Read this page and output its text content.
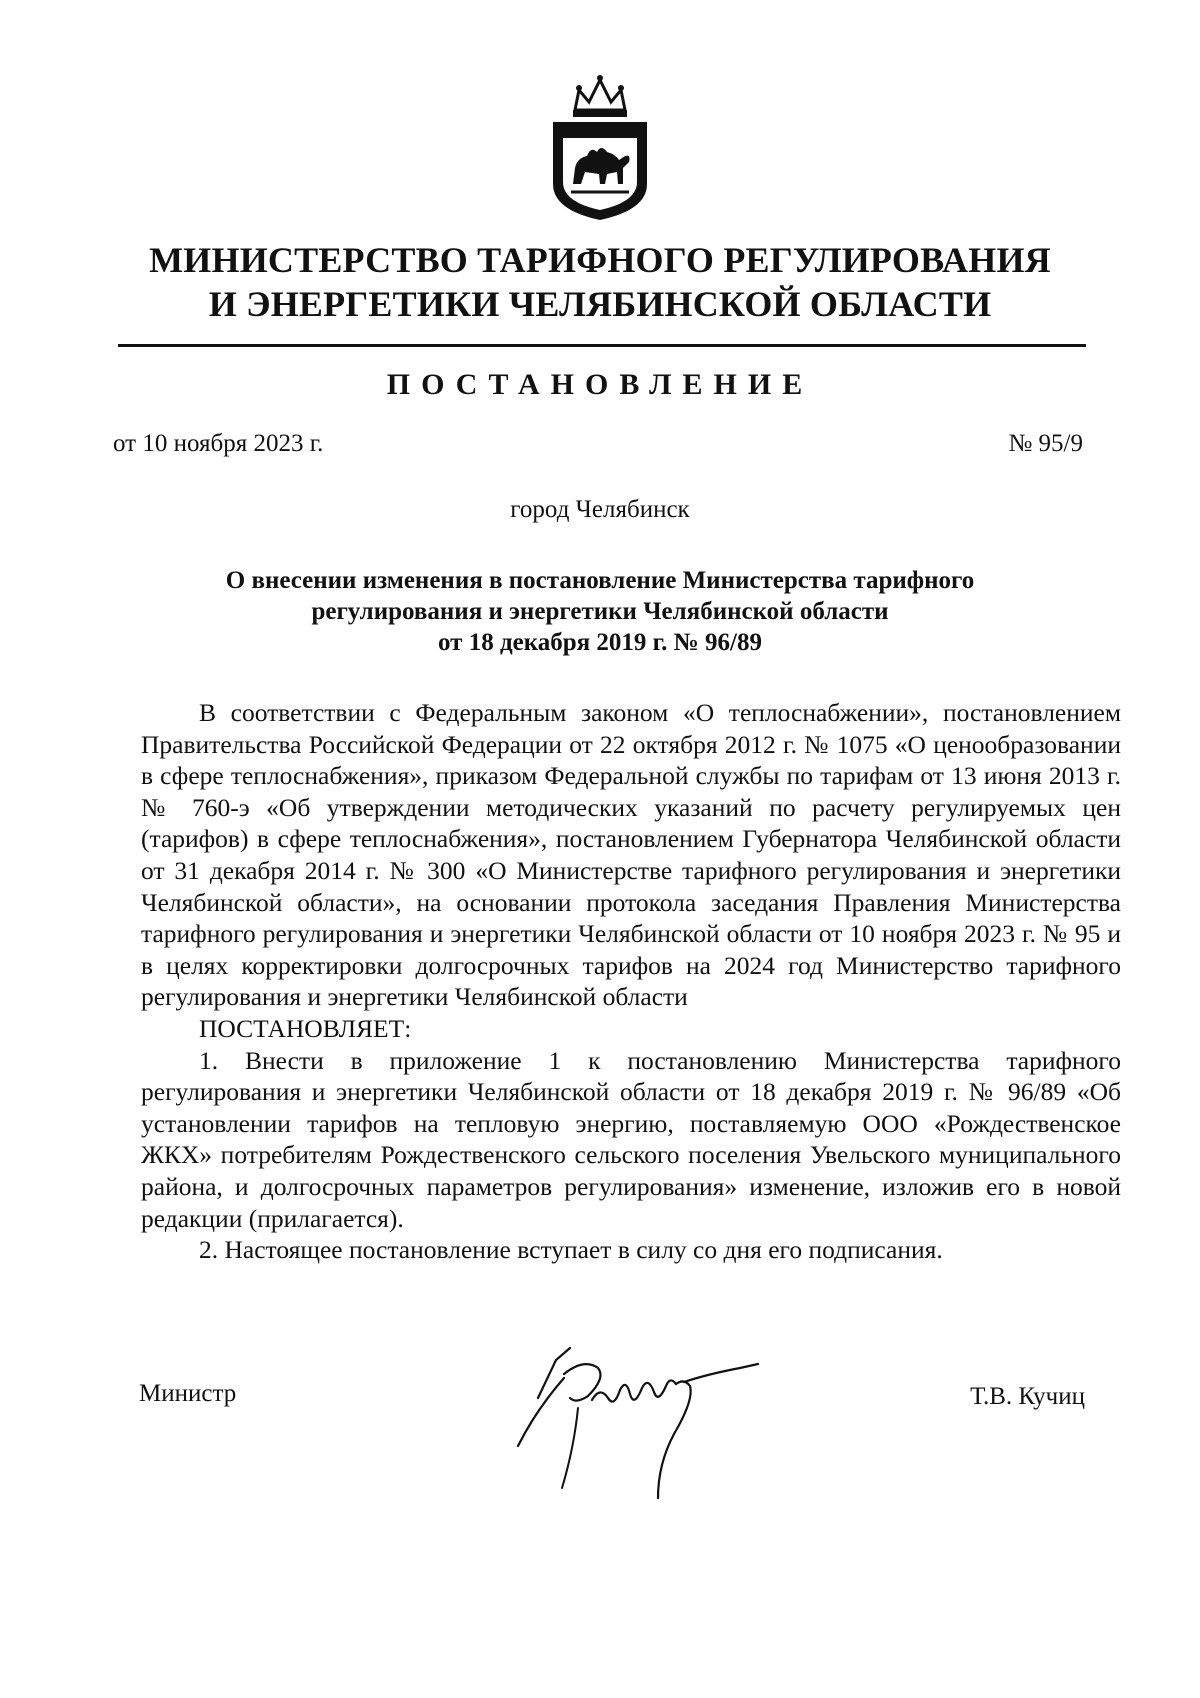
МИНИСТЕРСТВО ТАРИФНОГО РЕГУЛИРОВАНИЯ
И ЭНЕРГЕТИКИ ЧЕЛЯБИНСКОЙ ОБЛАСТИ
ПОСТАНОВЛЕНИЕ
от 10 ноября 2023 г.	№ 95/9
город Челябинск
О внесении изменения в постановление Министерства тарифного
регулирования и энергетики Челябинской области
от 18 декабря 2019 г. № 96/89

В соответствии с Федеральным законом «О теплоснабжении», постановлением Правительства Российской Федерации от 22 октября 2012 г. № 1075 «О ценообразовании в сфере теплоснабжения», приказом Федеральной службы по тарифам от 13 июня 2013 г. № 760-э «Об утверждении методических указаний по расчету регулируемых цен (тарифов) в сфере теплоснабжения», постановлением Губернатора Челябинской области от 31 декабря 2014 г. № 300 «О Министерстве тарифного регулирования и энергетики Челябинской области», на основании протокола заседания Правления Министерства тарифного регулирования и энергетики Челябинской области от 10 ноября 2023 г. № 95 и в целях корректировки долгосрочных тарифов на 2024 год Министерство тарифного регулирования и энергетики Челябинской области

ПОСТАНОВЛЯЕТ:

1. Внести в приложение 1 к постановлению Министерства тарифного регулирования и энергетики Челябинской области от 18 декабря 2019 г. № 96/89 «Об установлении тарифов на тепловую энергию, поставляемую ООО «Рождественское ЖКХ» потребителям Рождественского сельского поселения Увельского муниципального района, и долгосрочных параметров регулирования» изменение, изложив его в новой редакции (прилагается).

2. Настоящее постановление вступает в силу со дня его подписания.

Министр	Т.В. Кучиц
